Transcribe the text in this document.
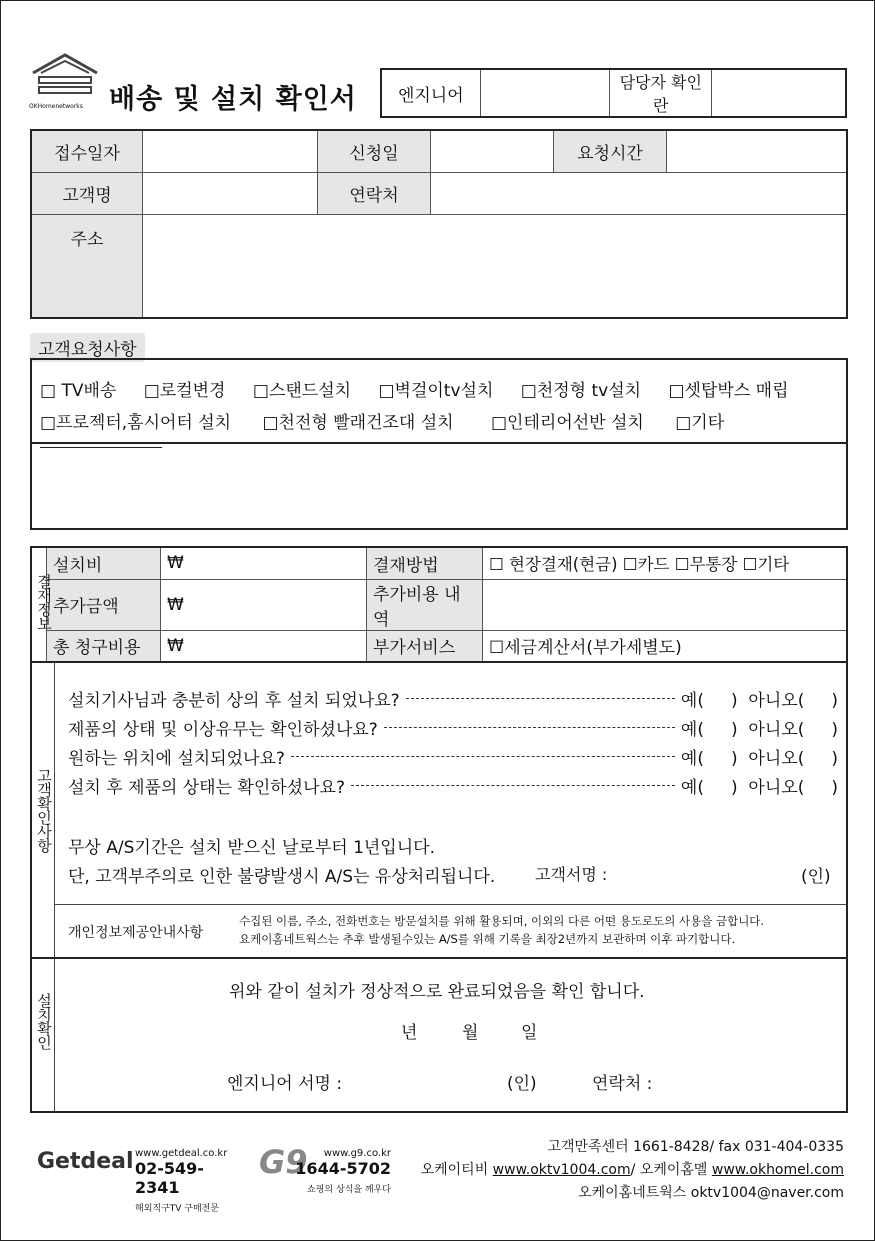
OKHomenetworks 배송 및 설치 확인서 엔지니어		담당자 확인란	
접수일자		신청일		요청시간	
고객명		연락처			
주소					
고객요청사항
□ TV배송 □로컬변경 □스탠드설치 □벽걸이tv설치 □천정형 tv설치 □셋탑박스 매립
□프로젝터,홈시어터 설치 □천전형 빨래건조대 설치 □인테리어선반 설치 □기타
결재정보	설치비	₩	결재방법	☐ 현장결재(현금) ☐카드 ☐무통장 ☐기타
	추가금액	₩	추가비용 내역	
	총 청구비용	₩	부가서비스	☐세금계산서(부가세별도)
고객확인사항
설치확인
설치기사님과 충분히 상의 후 설치 되었나요?	예(     )  아니오(     )
제품의 상태 및 이상유무는 확인하셨나요?	예(     )  아니오(     )
원하는 위치에 설치되었나요?	예(     )  아니오(     )
설치 후 제품의 상태는 확인하셨나요?	예(     )  아니오(     )
무상 A/S기간은 설치 받으신 날로부터 1년입니다.
단, 고객부주의로 인한 불량발생시 A/S는 유상처리됩니다. 고객서명 :	(인)
개인정보제공안내사항
수집된 이름, 주소, 전화번호는 방문설치를 위해 활용되며, 이외의 다른 어떤 용도로도의 사용을 금합니다.
요케이홈네트웍스는 추후 발생될수있는 A/S를 위해 기록을 최장2년까지 보관하며 이후 파기합니다.
위와 같이 설치가 정상적으로 완료되었음을 확인 합니다.
년	월	일
엔지니어 서명 :	(인)	연락처 :
Getdeal www.getdeal.co.kr
02-549-2341
해외직구TV 구매전문
G9	www.g9.co.kr
1644-5702
쇼핑의 상식을 깨우다
고객만족센터 1661-8428/ fax 031-404-0335
오케이티비 www.oktv1004.com/ 오케이홈멜 www.okhomel.com
오케이홈네트웍스 oktv1004@naver.com
